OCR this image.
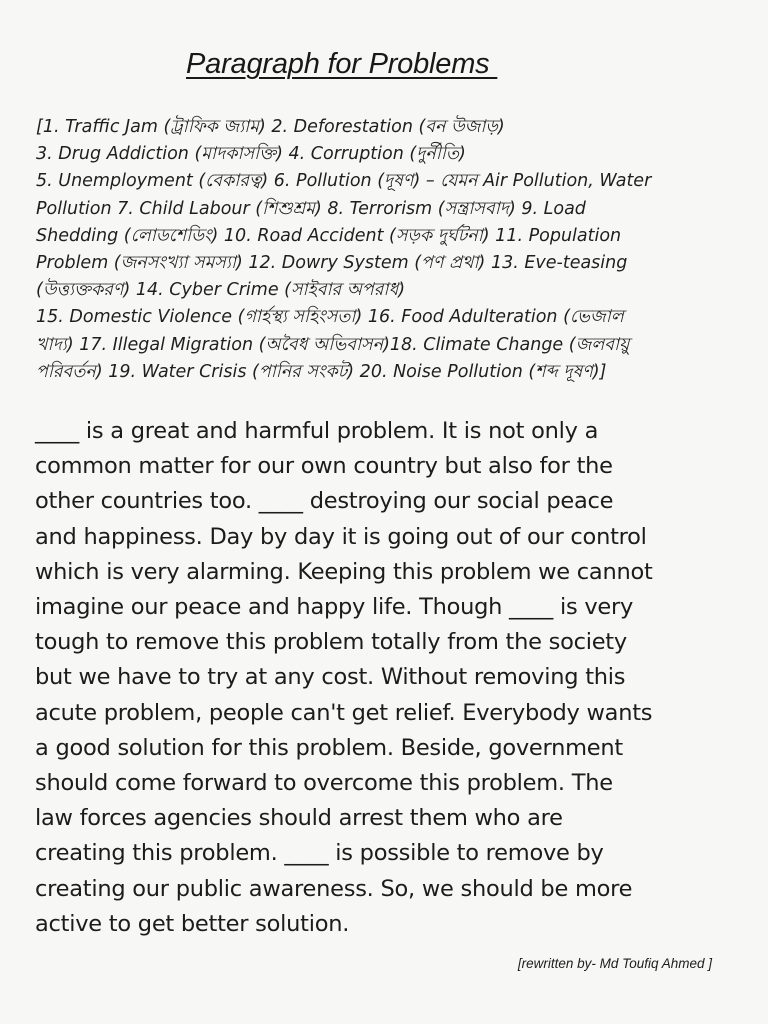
Paragraph for Problems
[1. Traffic Jam (ট্রাফিক জ্যাম) 2. Deforestation (বন উজাড়)
3. Drug Addiction (মাদকাসক্তি) 4. Corruption (দুর্নীতি)
5. Unemployment (বেকারত্ব) 6. Pollution (দূষণ) – যেমন Air Pollution, Water
Pollution 7. Child Labour (শিশুশ্রম) 8. Terrorism (সন্ত্রাসবাদ) 9. Load
Shedding (লোডশেডিং) 10. Road Accident (সড়ক দুর্ঘটনা) 11. Population
Problem (জনসংখ্যা সমস্যা) 12. Dowry System (পণ প্রথা) 13. Eve-teasing
(উত্ত্যক্তকরণ) 14. Cyber Crime (সাইবার অপরাধ)
15. Domestic Violence (গার্হস্থ্য সহিংসতা) 16. Food Adulteration (ভেজাল
খাদ্য) 17. Illegal Migration (অবৈধ অভিবাসন)18. Climate Change (জলবায়ু
পরিবর্তন) 19. Water Crisis (পানির সংকট) 20. Noise Pollution (শব্দ দূষণ)]
____ is a great and harmful problem. It is not only a
common matter for our own country but also for the
other countries too. ____ destroying our social peace
and happiness. Day by day it is going out of our control
which is very alarming. Keeping this problem we cannot
imagine our peace and happy life. Though ____ is very
tough to remove this problem totally from the society
but we have to try at any cost. Without removing this
acute problem, people can't get relief. Everybody wants
a good solution for this problem. Beside, government
should come forward to overcome this problem. The
law forces agencies should arrest them who are
creating this problem. ____ is possible to remove by
creating our public awareness. So, we should be more
active to get better solution.

[rewritten by- Md Toufiq Ahmed ]
